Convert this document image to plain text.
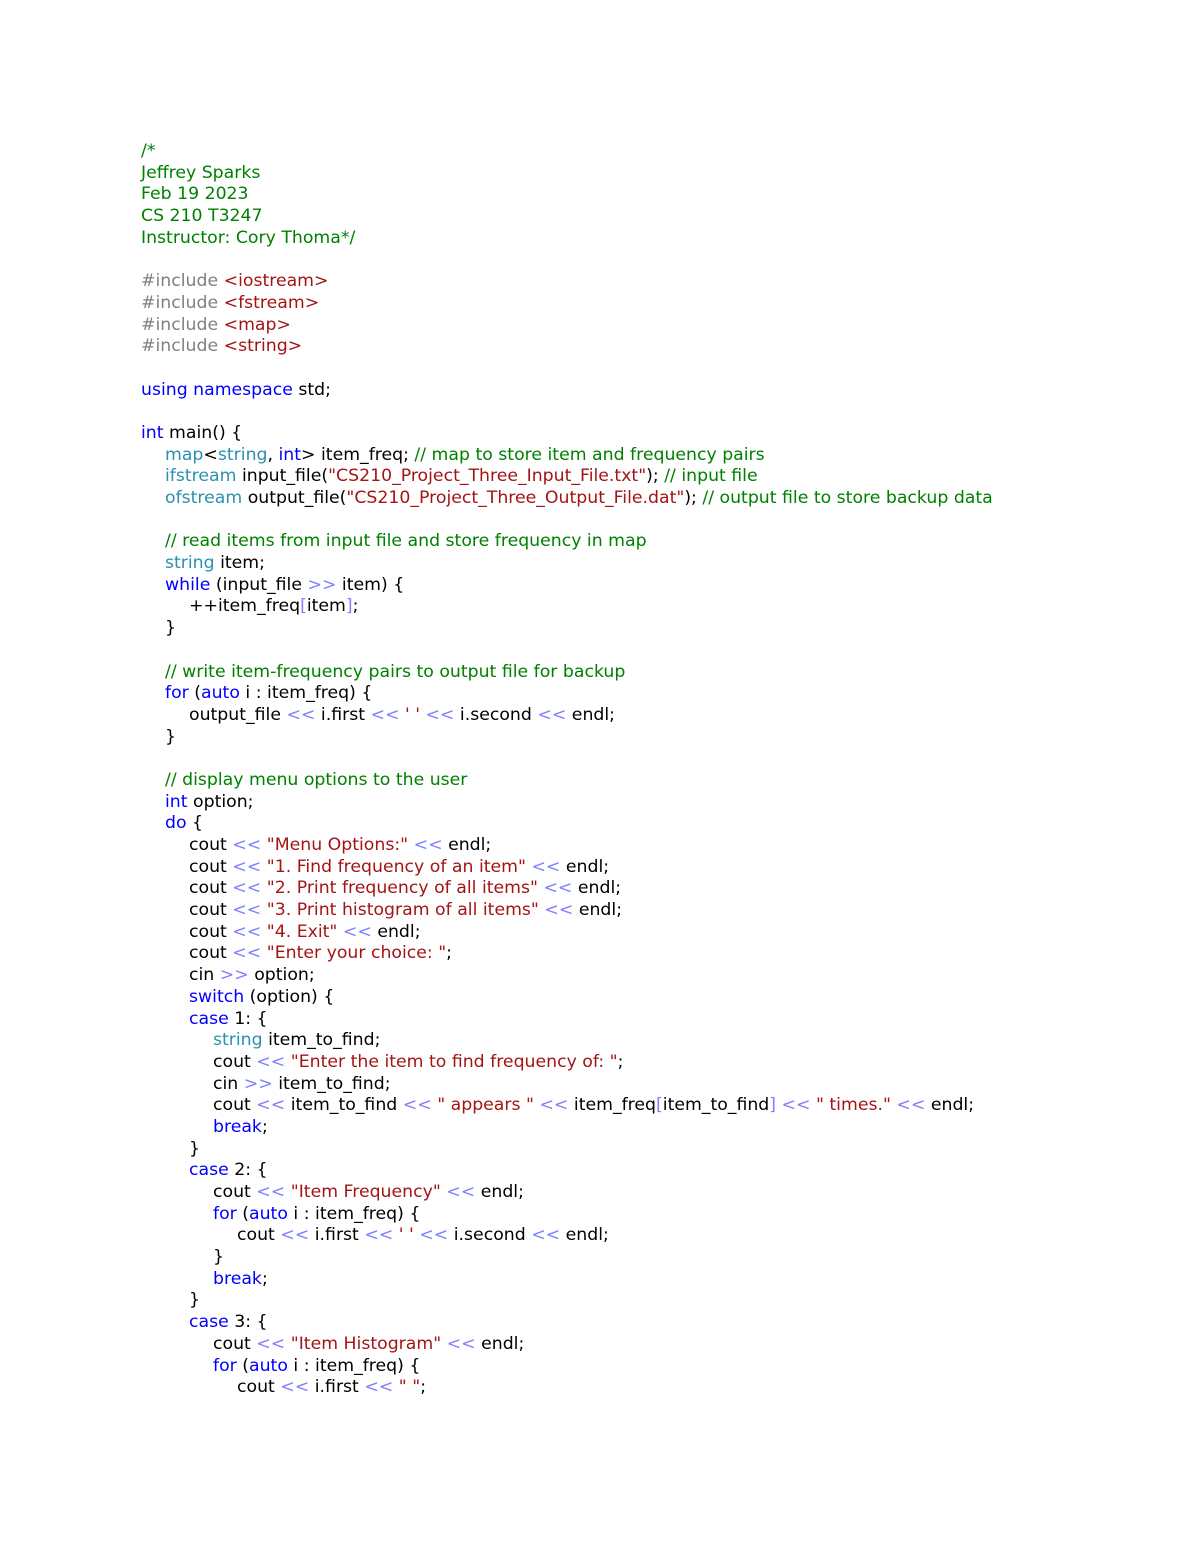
/*
Jeffrey Sparks
Feb 19 2023
CS 210 T3247
Instructor: Cory Thoma*/
#include <iostream>
#include <fstream>
#include <map>
#include <string>
using namespace std;
int main() {
map<string, int> item_freq; // map to store item and frequency pairs
ifstream input_file("CS210_Project_Three_Input_File.txt"); // input file
ofstream output_file("CS210_Project_Three_Output_File.dat"); // output file to store backup data
// read items from input file and store frequency in map
string item;
while (input_file >> item) {
++item_freq[item];
}
// write item-frequency pairs to output file for backup
for (auto i : item_freq) {
output_file << i.first << ' ' << i.second << endl;
}
// display menu options to the user
int option;
do {
cout << "Menu Options:" << endl;
cout << "1. Find frequency of an item" << endl;
cout << "2. Print frequency of all items" << endl;
cout << "3. Print histogram of all items" << endl;
cout << "4. Exit" << endl;
cout << "Enter your choice: ";
cin >> option;
switch (option) {
case 1: {
string item_to_find;
cout << "Enter the item to find frequency of: ";
cin >> item_to_find;
cout << item_to_find << " appears " << item_freq[item_to_find] << " times." << endl;
break;
}
case 2: {
cout << "Item Frequency" << endl;
for (auto i : item_freq) {
cout << i.first << ' ' << i.second << endl;
}
break;
}
case 3: {
cout << "Item Histogram" << endl;
for (auto i : item_freq) {
cout << i.first << " ";
